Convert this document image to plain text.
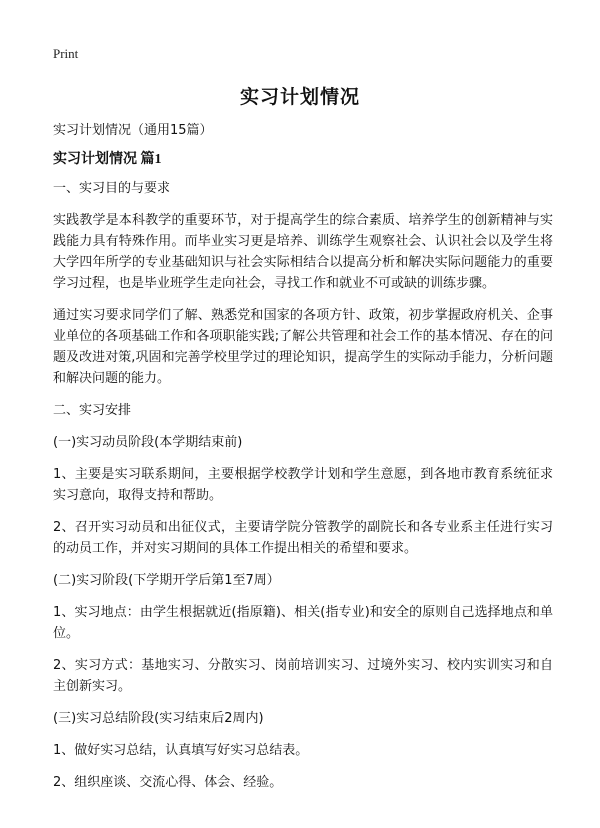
Print
实习计划情况
实习计划情况（通用15篇）
实习计划情况 篇1
一、实习目的与要求
实践教学是本科教学的重要环节，对于提高学生的综合素质、培养学生的创新精神与实践能力具有特殊作用。而毕业实习更是培养、训练学生观察社会、认识社会以及学生将大学四年所学的专业基础知识与社会实际相结合以提高分析和解决实际问题能力的重要学习过程，也是毕业班学生走向社会，寻找工作和就业不可或缺的训练步骤。
通过实习要求同学们了解、熟悉党和国家的各项方针、政策，初步掌握政府机关、企事业单位的各项基础工作和各项职能实践;了解公共管理和社会工作的基本情况、存在的问题及改进对策,巩固和完善学校里学过的理论知识，提高学生的实际动手能力，分析问题和解决问题的能力。
二、实习安排
(一)实习动员阶段(本学期结束前)
1、主要是实习联系期间，主要根据学校教学计划和学生意愿，到各地市教育系统征求实习意向，取得支持和帮助。
2、召开实习动员和出征仪式，主要请学院分管教学的副院长和各专业系主任进行实习的动员工作，并对实习期间的具体工作提出相关的希望和要求。
(二)实习阶段(下学期开学后第1至7周）
1、实习地点：由学生根据就近(指原籍)、相关(指专业)和安全的原则自己选择地点和单位。
2、实习方式：基地实习、分散实习、岗前培训实习、过境外实习、校内实训实习和自主创新实习。
(三)实习总结阶段(实习结束后2周内)
1、做好实习总结，认真填写好实习总结表。
2、组织座谈、交流心得、体会、经验。
